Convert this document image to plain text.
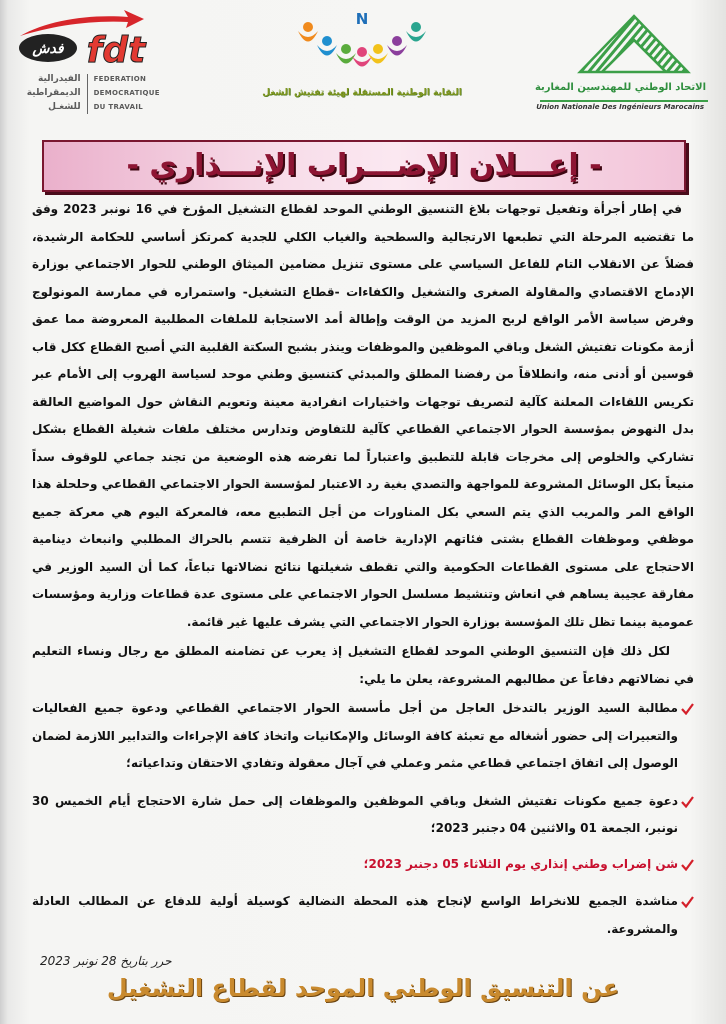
فدش fdt
الفيدرالية
الديمقراطية
للشغـل
FEDERATION
DEMOCRATIQUE
DU TRAVAIL
N
النقابة الوطنية المستقلة لهيئة تفتيش الشغل	الاتحاد الوطني للمهندسين المغاربة
Union Nationale Des Ingénieurs Marocains
- إعـــلان الإضـــراب الإنـــذاري -

في إطار أجرأة وتفعيل توجهات بلاغ التنسيق الوطني الموحد لقطاع التشغيل المؤرخ في 16 نونبر 2023 وفق ما تقتضيه المرحلة التي تطبعها الارتجالية والسطحية والغياب الكلي للجدية كمرتكز أساسي للحكامة الرشيدة، فضلاً عن الانقلاب التام للفاعل السياسي على مستوى تنزيل مضامين الميثاق الوطني للحوار الاجتماعي بوزارة الإدماج الاقتصادي والمقاولة الصغرى والتشغيل والكفاءات -قطاع التشغيل- واستمراره في ممارسة المونولوج وفرض سياسة الأمر الواقع لربح المزيد من الوقت وإطالة أمد الاستجابة للملفات المطلبية المعروضة مما عمق أزمة مكونات تفتيش الشغل وباقي الموظفين والموظفات وينذر بشبح السكتة القلبية التي أصبح القطاع ككل قاب قوسين أو أدنى منه، وانطلاقاً من رفضنا المطلق والمبدئي كتنسيق وطني موحد لسياسة الهروب إلى الأمام عبر تكريس اللقاءات المعلنة كآلية لتصريف توجهات واختيارات انفرادية معينة وتعويم النقاش حول المواضيع العالقة بدل النهوض بمؤسسة الحوار الاجتماعي القطاعي كآلية للتفاوض وتدارس مختلف ملفات شغيلة القطاع بشكل تشاركي والخلوص إلى مخرجات قابلة للتطبيق واعتباراً لما تفرضه هذه الوضعية من تجند جماعي للوقوف سداً منيعاً بكل الوسائل المشروعة للمواجهة والتصدي بغية رد الاعتبار لمؤسسة الحوار الاجتماعي القطاعي وحلحلة هذا الواقع المر والمريب الذي يتم السعي بكل المناورات من أجل التطبيع معه، فالمعركة اليوم هي معركة جميع موظفي وموظفات القطاع بشتى فئاتهم الإدارية خاصة أن الظرفية تتسم بالحراك المطلبي وانبعاث دينامية الاحتجاج على مستوى القطاعات الحكومية والتي تقطف شغيلتها نتائج نضالاتها تباعاً، كما أن السيد الوزير في مفارقة عجيبة يساهم في انعاش وتنشيط مسلسل الحوار الاجتماعي على مستوى عدة قطاعات وزارية ومؤسسات عمومية بينما تظل تلك المؤسسة بوزارة الحوار الاجتماعي التي يشرف عليها غير قائمة.

لكل ذلك فإن التنسيق الوطني الموحد لقطاع التشغيل إذ يعرب عن تضامنه المطلق مع رجال ونساء التعليم في نضالاتهم دفاعاً عن مطالبهم المشروعة، يعلن ما يلي:

مطالبة السيد الوزير بالتدخل العاجل من أجل مأسسة الحوار الاجتماعي القطاعي ودعوة جميع الفعاليات والتعبيرات إلى حضور أشغاله مع تعبئة كافة الوسائل والإمكانيات واتخاذ كافة الإجراءات والتدابير اللازمة لضمان الوصول إلى اتفاق اجتماعي قطاعي مثمر وعملي في آجال معقولة وتفادي الاحتقان وتداعياته؛
دعوة جميع مكونات تفتيش الشغل وباقي الموظفين والموظفات إلى حمل شارة الاحتجاج أيام الخميس 30 نونبر، الجمعة 01 والاثنين 04 دجنبر 2023؛
شن إضراب وطني إنذاري يوم الثلاثاء 05 دجنبر 2023؛
مناشدة الجميع للانخراط الواسع لإنجاح هذه المحطة النضالية كوسيلة أولية للدفاع عن المطالب العادلة والمشروعة.

حرر بتاريخ 28 نونبر 2023
عن التنسيق الوطني الموحد لقطاع التشغيل
